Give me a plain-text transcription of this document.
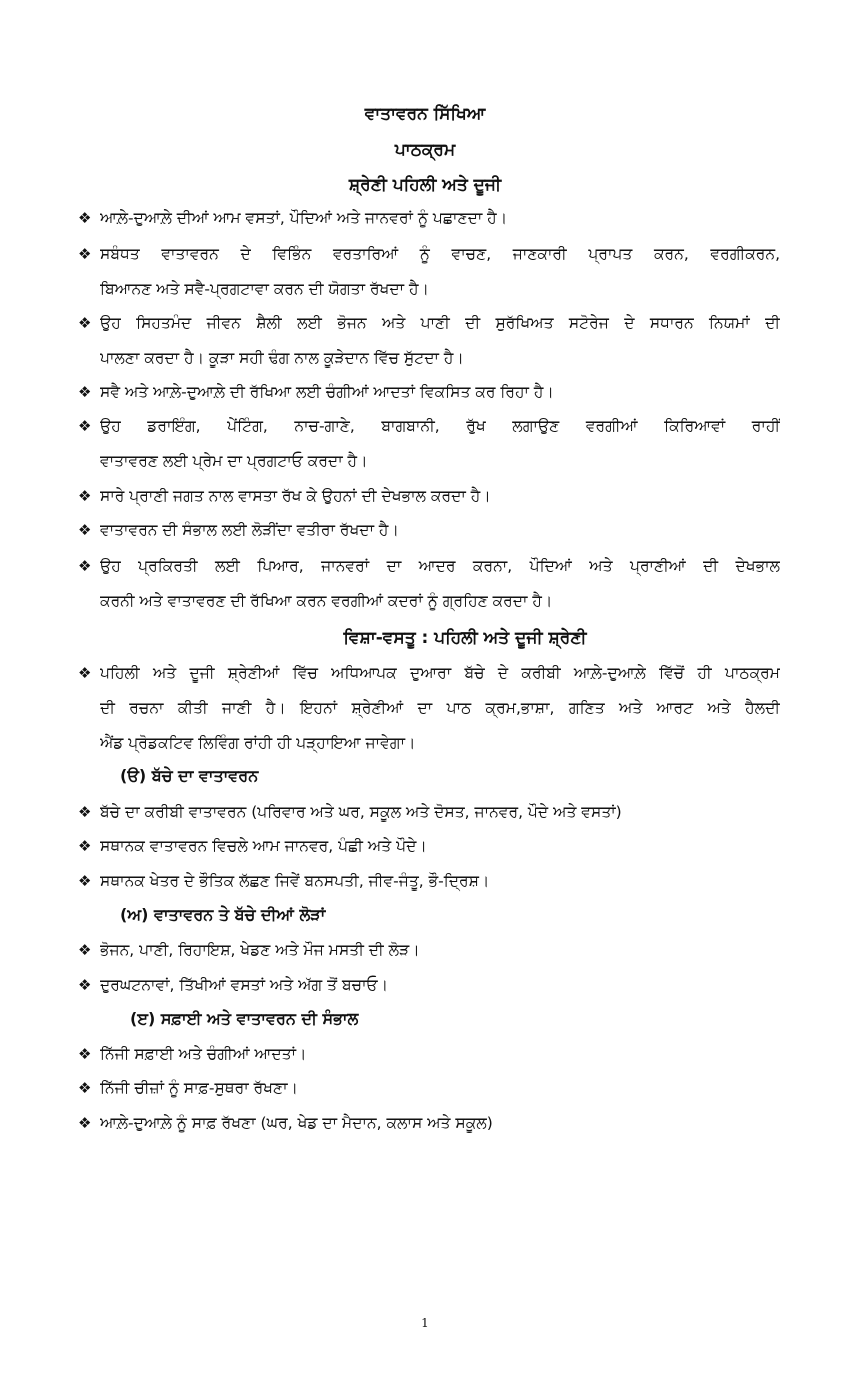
ਵਾਤਾਵਰਨ ਸਿੱਖਿਆ
ਪਾਠਕ੍ਰਮ
ਸ਼੍ਰੇਣੀ ਪਹਿਲੀ ਅਤੇ ਦੂਜੀ
❖ ਆਲ਼ੇ-ਦੁਆਲ਼ੇ ਦੀਆਂ ਆਮ ਵਸਤਾਂ, ਪੌਦਿਆਂ ਅਤੇ ਜਾਨਵਰਾਂ ਨੂੰ ਪਛਾਣਦਾ ਹੈ।
❖ ਸਬੰਧਤ ਵਾਤਾਵਰਨ ਦੇ ਵਿਭਿੰਨ ਵਰਤਾਰਿਆਂ ਨੂੰ ਵਾਚਣ, ਜਾਣਕਾਰੀ ਪ੍ਰਾਪਤ ਕਰਨ, ਵਰਗੀਕਰਨ,
ਬਿਆਨਣ ਅਤੇ ਸਵੈ-ਪ੍ਰਗਟਾਵਾ ਕਰਨ ਦੀ ਯੋਗਤਾ ਰੱਖਦਾ ਹੈ।
❖ ਉਹ ਸਿਹਤਮੰਦ ਜੀਵਨ ਸ਼ੈਲੀ ਲਈ ਭੋਜਨ ਅਤੇ ਪਾਣੀ ਦੀ ਸੁਰੱਖਿਅਤ ਸਟੋਰੇਜ ਦੇ ਸਧਾਰਨ ਨਿਯਮਾਂ ਦੀ
ਪਾਲਣਾ ਕਰਦਾ ਹੈ। ਕੂੜਾ ਸਹੀ ਢੰਗ ਨਾਲ ਕੂੜੇਦਾਨ ਵਿੱਚ ਸੁੱਟਦਾ ਹੈ।
❖ ਸਵੈ ਅਤੇ ਆਲ਼ੇ-ਦੁਆਲ਼ੇ ਦੀ ਰੱਖਿਆ ਲਈ ਚੰਗੀਆਂ ਆਦਤਾਂ ਵਿਕਸਿਤ ਕਰ ਰਿਹਾ ਹੈ।
❖ ਉਹ ਡਰਾਇੰਗ, ਪੇਂਟਿੰਗ, ਨਾਚ-ਗਾਣੇ, ਬਾਗਬਾਨੀ, ਰੁੱਖ ਲਗਾਉਣ ਵਰਗੀਆਂ ਕਿਰਿਆਵਾਂ ਰਾਹੀਂ
ਵਾਤਾਵਰਣ ਲਈ ਪ੍ਰੇਮ ਦਾ ਪ੍ਰਗਟਾਓ ਕਰਦਾ ਹੈ।
❖ ਸਾਰੇ ਪ੍ਰਾਣੀ ਜਗਤ ਨਾਲ ਵਾਸਤਾ ਰੱਖ ਕੇ ਉਹਨਾਂ ਦੀ ਦੇਖਭਾਲ ਕਰਦਾ ਹੈ।
❖ ਵਾਤਾਵਰਨ ਦੀ ਸੰਭਾਲ ਲਈ ਲੋੜੀਂਦਾ ਵਤੀਰਾ ਰੱਖਦਾ ਹੈ।
❖ ਉਹ ਪ੍ਰਕਿਰਤੀ ਲਈ ਪਿਆਰ, ਜਾਨਵਰਾਂ ਦਾ ਆਦਰ ਕਰਨਾ, ਪੌਦਿਆਂ ਅਤੇ ਪ੍ਰਾਣੀਆਂ ਦੀ ਦੇਖਭਾਲ
ਕਰਨੀ ਅਤੇ ਵਾਤਾਵਰਣ ਦੀ ਰੱਖਿਆ ਕਰਨ ਵਰਗੀਆਂ ਕਦਰਾਂ ਨੂੰ ਗ੍ਰਹਿਣ ਕਰਦਾ ਹੈ।
ਵਿਸ਼ਾ-ਵਸਤੂ : ਪਹਿਲੀ ਅਤੇ ਦੂਜੀ ਸ਼੍ਰੇਣੀ
❖ ਪਹਿਲੀ ਅਤੇ ਦੂਜੀ ਸ਼੍ਰੇਣੀਆਂ ਵਿੱਚ ਅਧਿਆਪਕ ਦੁਆਰਾ ਬੱਚੇ ਦੇ ਕਰੀਬੀ ਆਲ਼ੇ-ਦੁਆਲ਼ੇ ਵਿੱਚੋਂ ਹੀ ਪਾਠਕ੍ਰਮ
ਦੀ ਰਚਨਾ ਕੀਤੀ ਜਾਣੀ ਹੈ। ਇਹਨਾਂ ਸ਼੍ਰੇਣੀਆਂ ਦਾ ਪਾਠ ਕ੍ਰਮ,ਭਾਸ਼ਾ, ਗਣਿਤ ਅਤੇ ਆਰਟ ਅਤੇ ਹੈਲਦੀ
ਐਂਡ ਪ੍ਰੋਡਕਟਿਵ ਲਿਵਿੰਗ ਰਾਂਹੀ ਹੀ ਪੜ੍ਹਾਇਆ ਜਾਵੇਗਾ।
(ੳ) ਬੱਚੇ ਦਾ ਵਾਤਾਵਰਨ
❖ ਬੱਚੇ ਦਾ ਕਰੀਬੀ ਵਾਤਾਵਰਨ (ਪਰਿਵਾਰ ਅਤੇ ਘਰ, ਸਕੂਲ ਅਤੇ ਦੋਸਤ, ਜਾਨਵਰ, ਪੌਦੇ ਅਤੇ ਵਸਤਾਂ)
❖ ਸਥਾਨਕ ਵਾਤਾਵਰਨ ਵਿਚਲੇ ਆਮ ਜਾਨਵਰ, ਪੰਛੀ ਅਤੇ ਪੌਦੇ।
❖ ਸਥਾਨਕ ਖੇਤਰ ਦੇ ਭੌਤਿਕ ਲੱਛਣ ਜਿਵੇਂ ਬਨਸਪਤੀ, ਜੀਵ-ਜੰਤੂ, ਭੌ-ਦ੍ਰਿਸ਼।
(ਅ) ਵਾਤਾਵਰਨ ਤੇ ਬੱਚੇ ਦੀਆਂ ਲੋੜਾਂ
❖ ਭੋਜਨ, ਪਾਣੀ, ਰਿਹਾਇਸ਼, ਖੇਡਣ ਅਤੇ ਮੌਜ ਮਸਤੀ ਦੀ ਲੋੜ।
❖ ਦੁਰਘਟਨਾਵਾਂ, ਤਿੱਖੀਆਂ ਵਸਤਾਂ ਅਤੇ ਅੱਗ ਤੋਂ ਬਚਾਓ।
(ੲ) ਸਫ਼ਾਈ ਅਤੇ ਵਾਤਾਵਰਨ ਦੀ ਸੰਭਾਲ
❖ ਨਿੱਜੀ ਸਫ਼ਾਈ ਅਤੇ ਚੰਗੀਆਂ ਆਦਤਾਂ।
❖ ਨਿੱਜੀ ਚੀਜ਼ਾਂ ਨੂੰ ਸਾਫ਼-ਸੁਥਰਾ ਰੱਖਣਾ।
❖ ਆਲ਼ੇ-ਦੁਆਲ਼ੇ ਨੂੰ ਸਾਫ਼ ਰੱਖਣਾ (ਘਰ, ਖੇਡ ਦਾ ਮੈਦਾਨ, ਕਲਾਸ ਅਤੇ ਸਕੂਲ)
1
